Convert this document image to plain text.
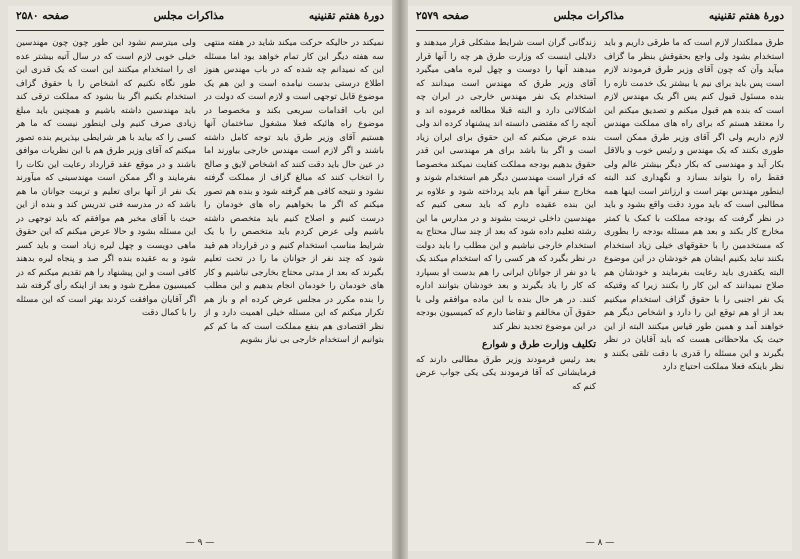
دورهٔ هفتم تقنینیه
مذاکرات مجلس
صفحه ۲۵۸۰

نمیکند در حالیکه حرکت میکند شاید در هفته منتهی سه هفته دیگر این کار تمام خواهد بود اما مسئله این که نمیدانم چه شده که در باب مهندس هنوز اطلاع درستی بدست نیامده است و این هم یک موضوع قابل توجهی است و لازم است که دولت در این باب اقدامات سریعی بکند و مخصوصا در موضوع راه هائیکه فعلا مشغول ساختمان آنها هستیم آقای وزیر طرق باید توجه کامل داشته باشند و اگر لازم است مهندس خارجی بیاورند اما در عین حال باید دقت کنند که اشخاص لایق و صالح را انتخاب کنند که مبالغ گزاف از مملکت گرفته نشود و نتیجه کافی هم گرفته شود و بنده هم تصور میکنم که اگر ما بخواهیم راه های خودمان را درست کنیم و اصلاح کنیم باید متخصص داشته باشیم ولی عرض کردم باید متخصص را با یک شرایط مناسب استخدام کنیم و در قرارداد هم قید شود که چند نفر از جوانان ما را در تحت تعلیم بگیرند که بعد از مدتی محتاج بخارجی نباشیم و کار های خودمان را خودمان انجام بدهیم و این مطلب را بنده مکرر در مجلس عرض کرده ام و باز هم تکرار میکنم که این مسئله خیلی اهمیت دارد و از نظر اقتصادی هم بنفع مملکت است که ما کم کم بتوانیم از استخدام خارجی بی نیاز بشویم

ولی میترسم نشود این طور چون چون مهندسین خیلی خوبی لازم است که در سال آتیه بیشتر عده ای را استخدام میکنند این است که یک قدری این طور نگاه نکنیم که اشخاص را با حقوق گزاف استخدام بکنیم اگر بنا بشود که مملکت ترقی کند باید مهندسین داشته باشیم و همچنین باید مبلغ زیادی صرف کنیم ولی اینطور نیست که ما هر کسی را که بیاید با هر شرایطی بپذیریم بنده تصور میکنم که آقای وزیر طرق هم با این نظریات موافق باشند و در موقع عقد قرارداد رعایت این نکات را بفرمایند و اگر ممکن است مهندسینی که میآورند یک نفر از آنها برای تعلیم و تربیت جوانان ما هم باشد که در مدرسه فنی تدریس کند و بنده از این حیث با آقای مخبر هم موافقم که باید توجهی در این مسئله بشود و حالا عرض میکنم که این حقوق ماهی دویست و چهل لیره زیاد است و باید کسر شود و به عقیده بنده اگر صد و پنجاه لیره بدهند کافی است و این پیشنهاد را هم تقدیم میکنم که در کمیسیون مطرح شود و بعد از اینکه رأی گرفته شد اگر آقایان موافقت کردند بهتر است که این مسئله را با کمال دقت

— ۹ —
دورهٔ هفتم تقنینیه
مذاکرات مجلس
صفحه ۲۵۷۹

طرق مملکتدار لازم است که ما طرقی داریم و باید استخدام بشود ولی واجع بحقوقش بنظر ما گزاف میآید وآن که چون آقای وزیر طرق فرمودند لازم است پس باید برای نیم یا بیشتر یک خدمت تازه را بنده مسئول قبول کنم پس اگر یک مهندس لازم است که بنده هم قبول میکنم و تصدیق میکنم این را معتقد هستم که برای راه های مملکت مهندس لازم داریم ولی اگر آقای وزیر طرق ممکن است طوری بکنند که یک مهندس و رئیس خوب و بالاقل بکار آید و مهندسی که بکار دیگر بیشتر عالم ولی فقط راه را بتواند بسازد و نگهداری کند البته اینطور مهندس بهتر است و ارزانتر است اینها همه مطالبی است که باید مورد دقت واقع بشود و باید در نظر گرفت که بودجه مملکت با کمک یا کمتر مخارج کار بکند و بعد هم مسئله بودجه را بطوری که مستخدمین را با حقوقهای خیلی زیاد استخدام بکنند نباید بکنیم ایشان هم خودشان در این موضوع البته یکقدری باید رعایت بفرمایند و خودشان هم صلاح نمیدانند که این کار را بکنند زیرا که وقتیکه یک نفر اجنبی را با حقوق گزاف استخدام میکنیم بعد از او هم توقع این را دارد و اشخاص دیگر هم خواهند آمد و همین طور قیاس میکنند البته از این حیث یک ملاحظاتی هست که باید آقایان در نظر بگیرند و این مسئله را قدری با دقت تلقی بکنند و نظر باینکه فعلا مملکت احتیاج دارد

زندگانی گران است شرایط مشکلی قرار میدهند و دلایلی اینست که وزارت طرق هر چه را آنها قرار میدهند آنها را دوست و چهل لیره ماهی میگیرد آقای وزیر طرق که مهندس است میدانند که استخدام یک نفر مهندس خارجی در ایران چه اشکالاتی دارد و البته قبلا مطالعه فرموده اند و آنچه را که مقتضی دانسته اند پیشنهاد کرده اند ولی بنده عرض میکنم که این حقوق برای ایران زیاد است و اگر بنا باشد برای هر مهندسی این قدر حقوق بدهیم بودجه مملکت کفایت نمیکند مخصوصا که قرار است مهندسین دیگر هم استخدام شوند و مخارج سفر آنها هم باید پرداخته شود و علاوه بر این بنده عقیده دارم که باید سعی کنیم که مهندسین داخلی تربیت بشوند و در مدارس ما این رشته تعلیم داده شود که بعد از چند سال محتاج به استخدام خارجی نباشیم و این مطلب را باید دولت در نظر بگیرد که هر کسی را که استخدام میکند یک یا دو نفر از جوانان ایرانی را هم بدست او بسپارد که کار را یاد بگیرند و بعد خودشان بتوانند اداره کنند. در هر حال بنده با این ماده موافقم ولی با حقوق آن مخالفم و تقاضا دارم که کمیسیون بودجه در این موضوع تجدید نظر کند

تکلیف وزارت طرق و شوارع

بعد رئیس فرمودند وزیر طرق مطالبی دارند که فرمایشاتی که آقا فرمودند یکی یکی جواب عرض کنم که

— ۸ —
